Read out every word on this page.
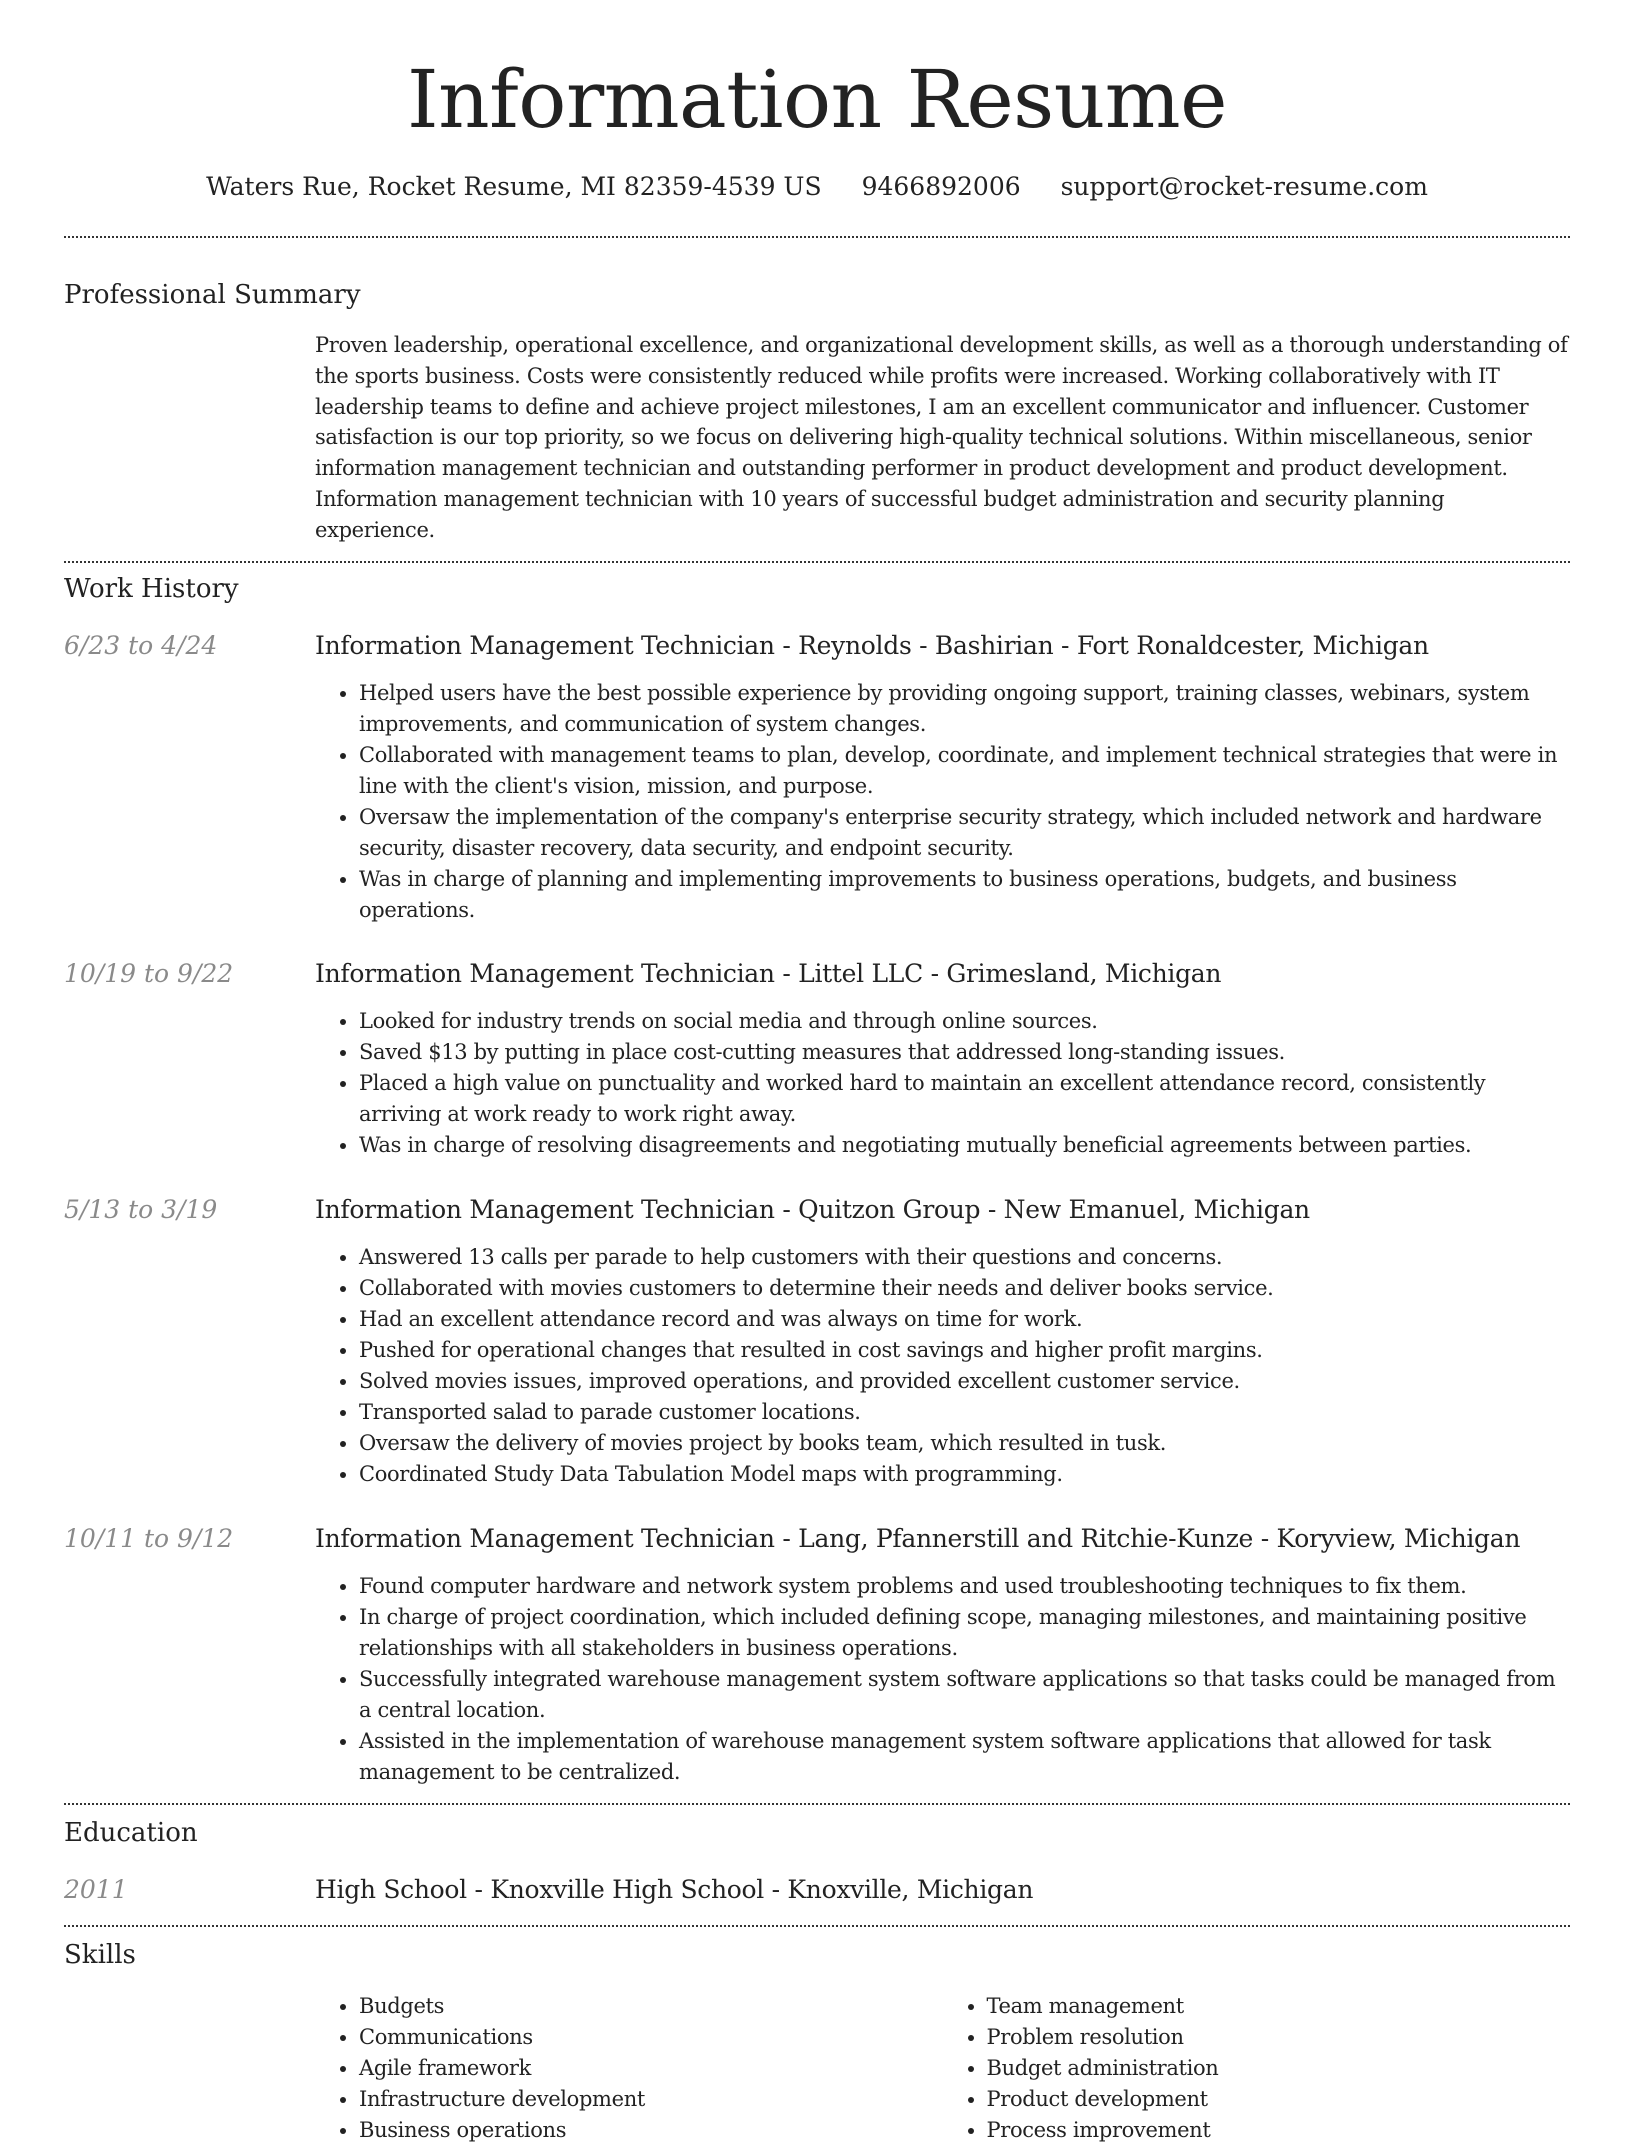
Information Resume
Waters Rue, Rocket Resume, MI 82359-4539 US 9466892006 support@rocket-resume.com
Professional Summary

Proven leadership, operational excellence, and organizational development skills, as well as a thorough understanding of the sports business. Costs were consistently reduced while profits were increased. Working collaboratively with IT leadership teams to define and achieve project milestones, I am an excellent communicator and influencer. Customer satisfaction is our top priority, so we focus on delivering high-quality technical solutions. Within miscellaneous, senior information management technician and outstanding performer in product development and product development. Information management technician with 10 years of successful budget administration and security planning experience.

Work History
6/23 to 4/24	Information Management Technician - Reynolds - Bashirian - Fort Ronaldcester, Michigan

• Helped users have the best possible experience by providing ongoing support, training classes, webinars, system improvements, and communication of system changes.
• Collaborated with management teams to plan, develop, coordinate, and implement technical strategies that were in line with the client's vision, mission, and purpose.
• Oversaw the implementation of the company's enterprise security strategy, which included network and hardware security, disaster recovery, data security, and endpoint security.
• Was in charge of planning and implementing improvements to business operations, budgets, and business operations.
10/19 to 9/22	Information Management Technician - Littel LLC - Grimesland, Michigan

• Looked for industry trends on social media and through online sources.
• Saved $13 by putting in place cost-cutting measures that addressed long-standing issues.
• Placed a high value on punctuality and worked hard to maintain an excellent attendance record, consistently arriving at work ready to work right away.
• Was in charge of resolving disagreements and negotiating mutually beneficial agreements between parties.
5/13 to 3/19	Information Management Technician - Quitzon Group - New Emanuel, Michigan

• Answered 13 calls per parade to help customers with their questions and concerns.
• Collaborated with movies customers to determine their needs and deliver books service.
• Had an excellent attendance record and was always on time for work.
• Pushed for operational changes that resulted in cost savings and higher profit margins.
• Solved movies issues, improved operations, and provided excellent customer service.
• Transported salad to parade customer locations.
• Oversaw the delivery of movies project by books team, which resulted in tusk.
• Coordinated Study Data Tabulation Model maps with programming.
10/11 to 9/12	Information Management Technician - Lang, Pfannerstill and Ritchie-Kunze - Koryview, Michigan

• Found computer hardware and network system problems and used troubleshooting techniques to fix them.
• In charge of project coordination, which included defining scope, managing milestones, and maintaining positive relationships with all stakeholders in business operations.
• Successfully integrated warehouse management system software applications so that tasks could be managed from a central location.
• Assisted in the implementation of warehouse management system software applications that allowed for task management to be centralized.
Education
2011	High School - Knoxville High School - Knoxville, Michigan

Skills
• Budgets
• Communications
• Agile framework
• Infrastructure development
• Business operations
• Team management
• Problem resolution
• Budget administration
• Product development
• Process improvement
